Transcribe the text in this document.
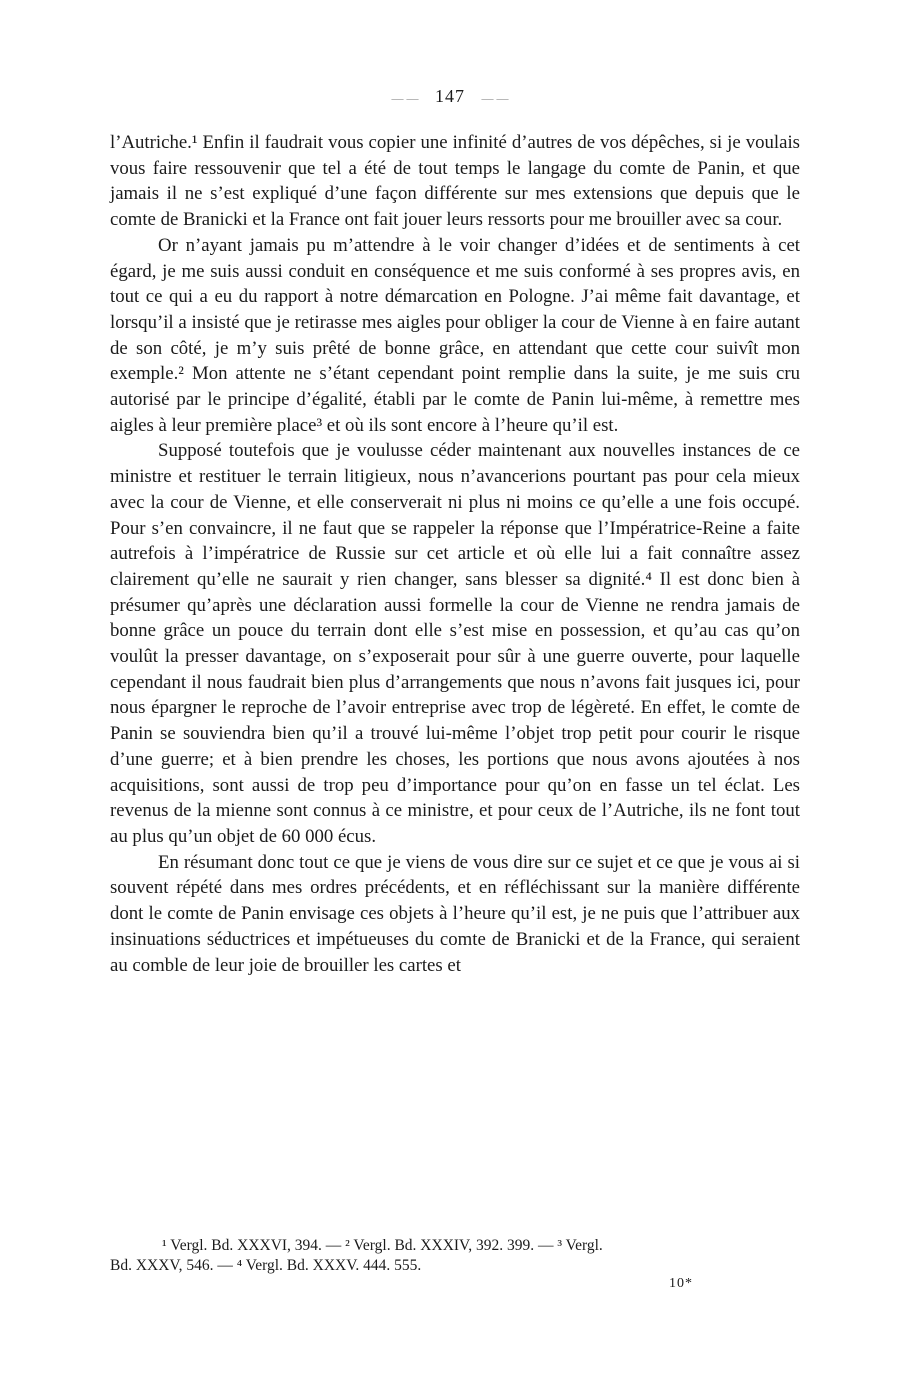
— — 147 — —

l’Autriche.¹ Enfin il faudrait vous copier une infinité d’autres de vos dépêches, si je voulais vous faire ressouvenir que tel a été de tout temps le langage du comte de Panin, et que jamais il ne s’est expliqué d’une façon différente sur mes extensions que depuis que le comte de Branicki et la France ont fait jouer leurs ressorts pour me brouiller avec sa cour.

Or n’ayant jamais pu m’attendre à le voir changer d’idées et de sentiments à cet égard, je me suis aussi conduit en conséquence et me suis conformé à ses propres avis, en tout ce qui a eu du rapport à notre démarcation en Pologne. J’ai même fait davantage, et lorsqu’il a insisté que je retirasse mes aigles pour obliger la cour de Vienne à en faire autant de son côté, je m’y suis prêté de bonne grâce, en attendant que cette cour suivît mon exemple.² Mon attente ne s’étant cependant point remplie dans la suite, je me suis cru autorisé par le principe d’égalité, établi par le comte de Panin lui-même, à remettre mes aigles à leur première place³ et où ils sont encore à l’heure qu’il est.

Supposé toutefois que je voulusse céder maintenant aux nouvelles instances de ce ministre et restituer le terrain litigieux, nous n’avancerions pourtant pas pour cela mieux avec la cour de Vienne, et elle conserverait ni plus ni moins ce qu’elle a une fois occupé. Pour s’en convaincre, il ne faut que se rappeler la réponse que l’Impératrice-Reine a faite autrefois à l’impératrice de Russie sur cet article et où elle lui a fait connaître assez clairement qu’elle ne saurait y rien changer, sans blesser sa dignité.⁴ Il est donc bien à présumer qu’après une déclaration aussi formelle la cour de Vienne ne rendra jamais de bonne grâce un pouce du terrain dont elle s’est mise en possession, et qu’au cas qu’on voulût la presser davantage, on s’exposerait pour sûr à une guerre ouverte, pour laquelle cependant il nous faudrait bien plus d’arrangements que nous n’avons fait jusques ici, pour nous épargner le reproche de l’avoir entreprise avec trop de légèreté. En effet, le comte de Panin se souviendra bien qu’il a trouvé lui-même l’objet trop petit pour courir le risque d’une guerre; et à bien prendre les choses, les portions que nous avons ajoutées à nos acquisitions, sont aussi de trop peu d’importance pour qu’on en fasse un tel éclat. Les revenus de la mienne sont connus à ce ministre, et pour ceux de l’Autriche, ils ne font tout au plus qu’un objet de 60 000 écus.

En résumant donc tout ce que je viens de vous dire sur ce sujet et ce que je vous ai si souvent répété dans mes ordres précédents, et en réfléchissant sur la manière différente dont le comte de Panin envisage ces objets à l’heure qu’il est, je ne puis que l’attribuer aux insinuations séductrices et impétueuses du comte de Branicki et de la France, qui seraient au comble de leur joie de brouiller les cartes et

¹ Vergl. Bd. XXXVI, 394. — ² Vergl. Bd. XXXIV, 392. 399. — ³ Vergl.

Bd. XXXV, 546. — ⁴ Vergl. Bd. XXXV. 444. 555.

10*
